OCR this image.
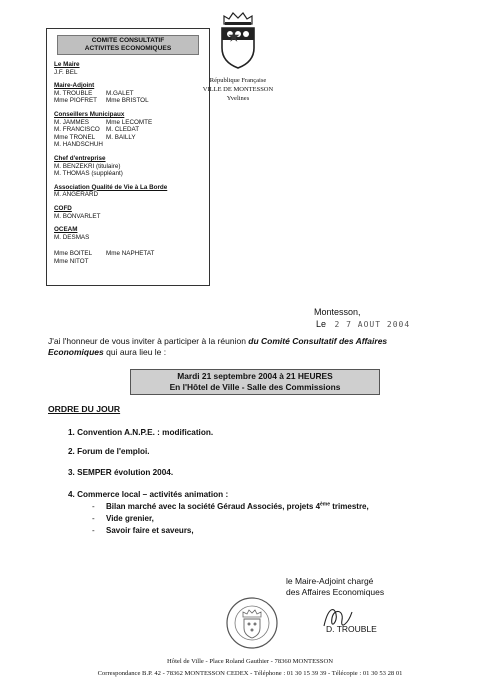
COMITE CONSULTATIF
ACTIVITES ECONOMIQUES
Le Maire
J.F. BEL
Maire-Adjoint
M. TROUBLE	M.GALET
Mme PIOFRET	Mme BRISTOL
Conseillers Municipaux
M. JAMMES	Mme LECOMTE
M. FRANCISCO M. CLEDAT
Mme TRONEL	M. BAILLY
M. HANDSCHUH
Chef d'entreprise
M. BENZEKRI (titulaire)
M. THOMAS (suppléant)
Association Qualité de Vie à La Borde
M. ANGERARD
COFD
M. BONVARLET
OCEAM
M. DESMAS
Mme BOITEL	Mme NAPHETAT
Mme NITOT
République Française
VILLE DE MONTESSON
Yvelines
Montesson,
Le 2 7 AOUT 2004
J'ai l'honneur de vous inviter à participer à la réunion du Comité Consultatif des Affaires Economiques qui aura lieu le :
Mardi 21 septembre 2004 à 21 HEURES
En l'Hôtel de Ville - Salle des Commissions
ORDRE DU JOUR
1. Convention A.N.P.E. : modification.
2. Forum de l'emploi.
3. SEMPER évolution 2004.
4. Commerce local – activités animation :
- Bilan marché avec la société Géraud Associés, projets 4ème trimestre,
- Vide grenier,
- Savoir faire et saveurs,
le Maire-Adjoint chargé
des Affaires Economiques
D. TROUBLE
Hôtel de Ville - Place Roland Gauthier - 78360 MONTESSON
Correspondance B.P. 42 - 78362 MONTESSON CEDEX - Téléphone : 01 30 15 39 39 - Télécopie : 01 30 53 28 01
